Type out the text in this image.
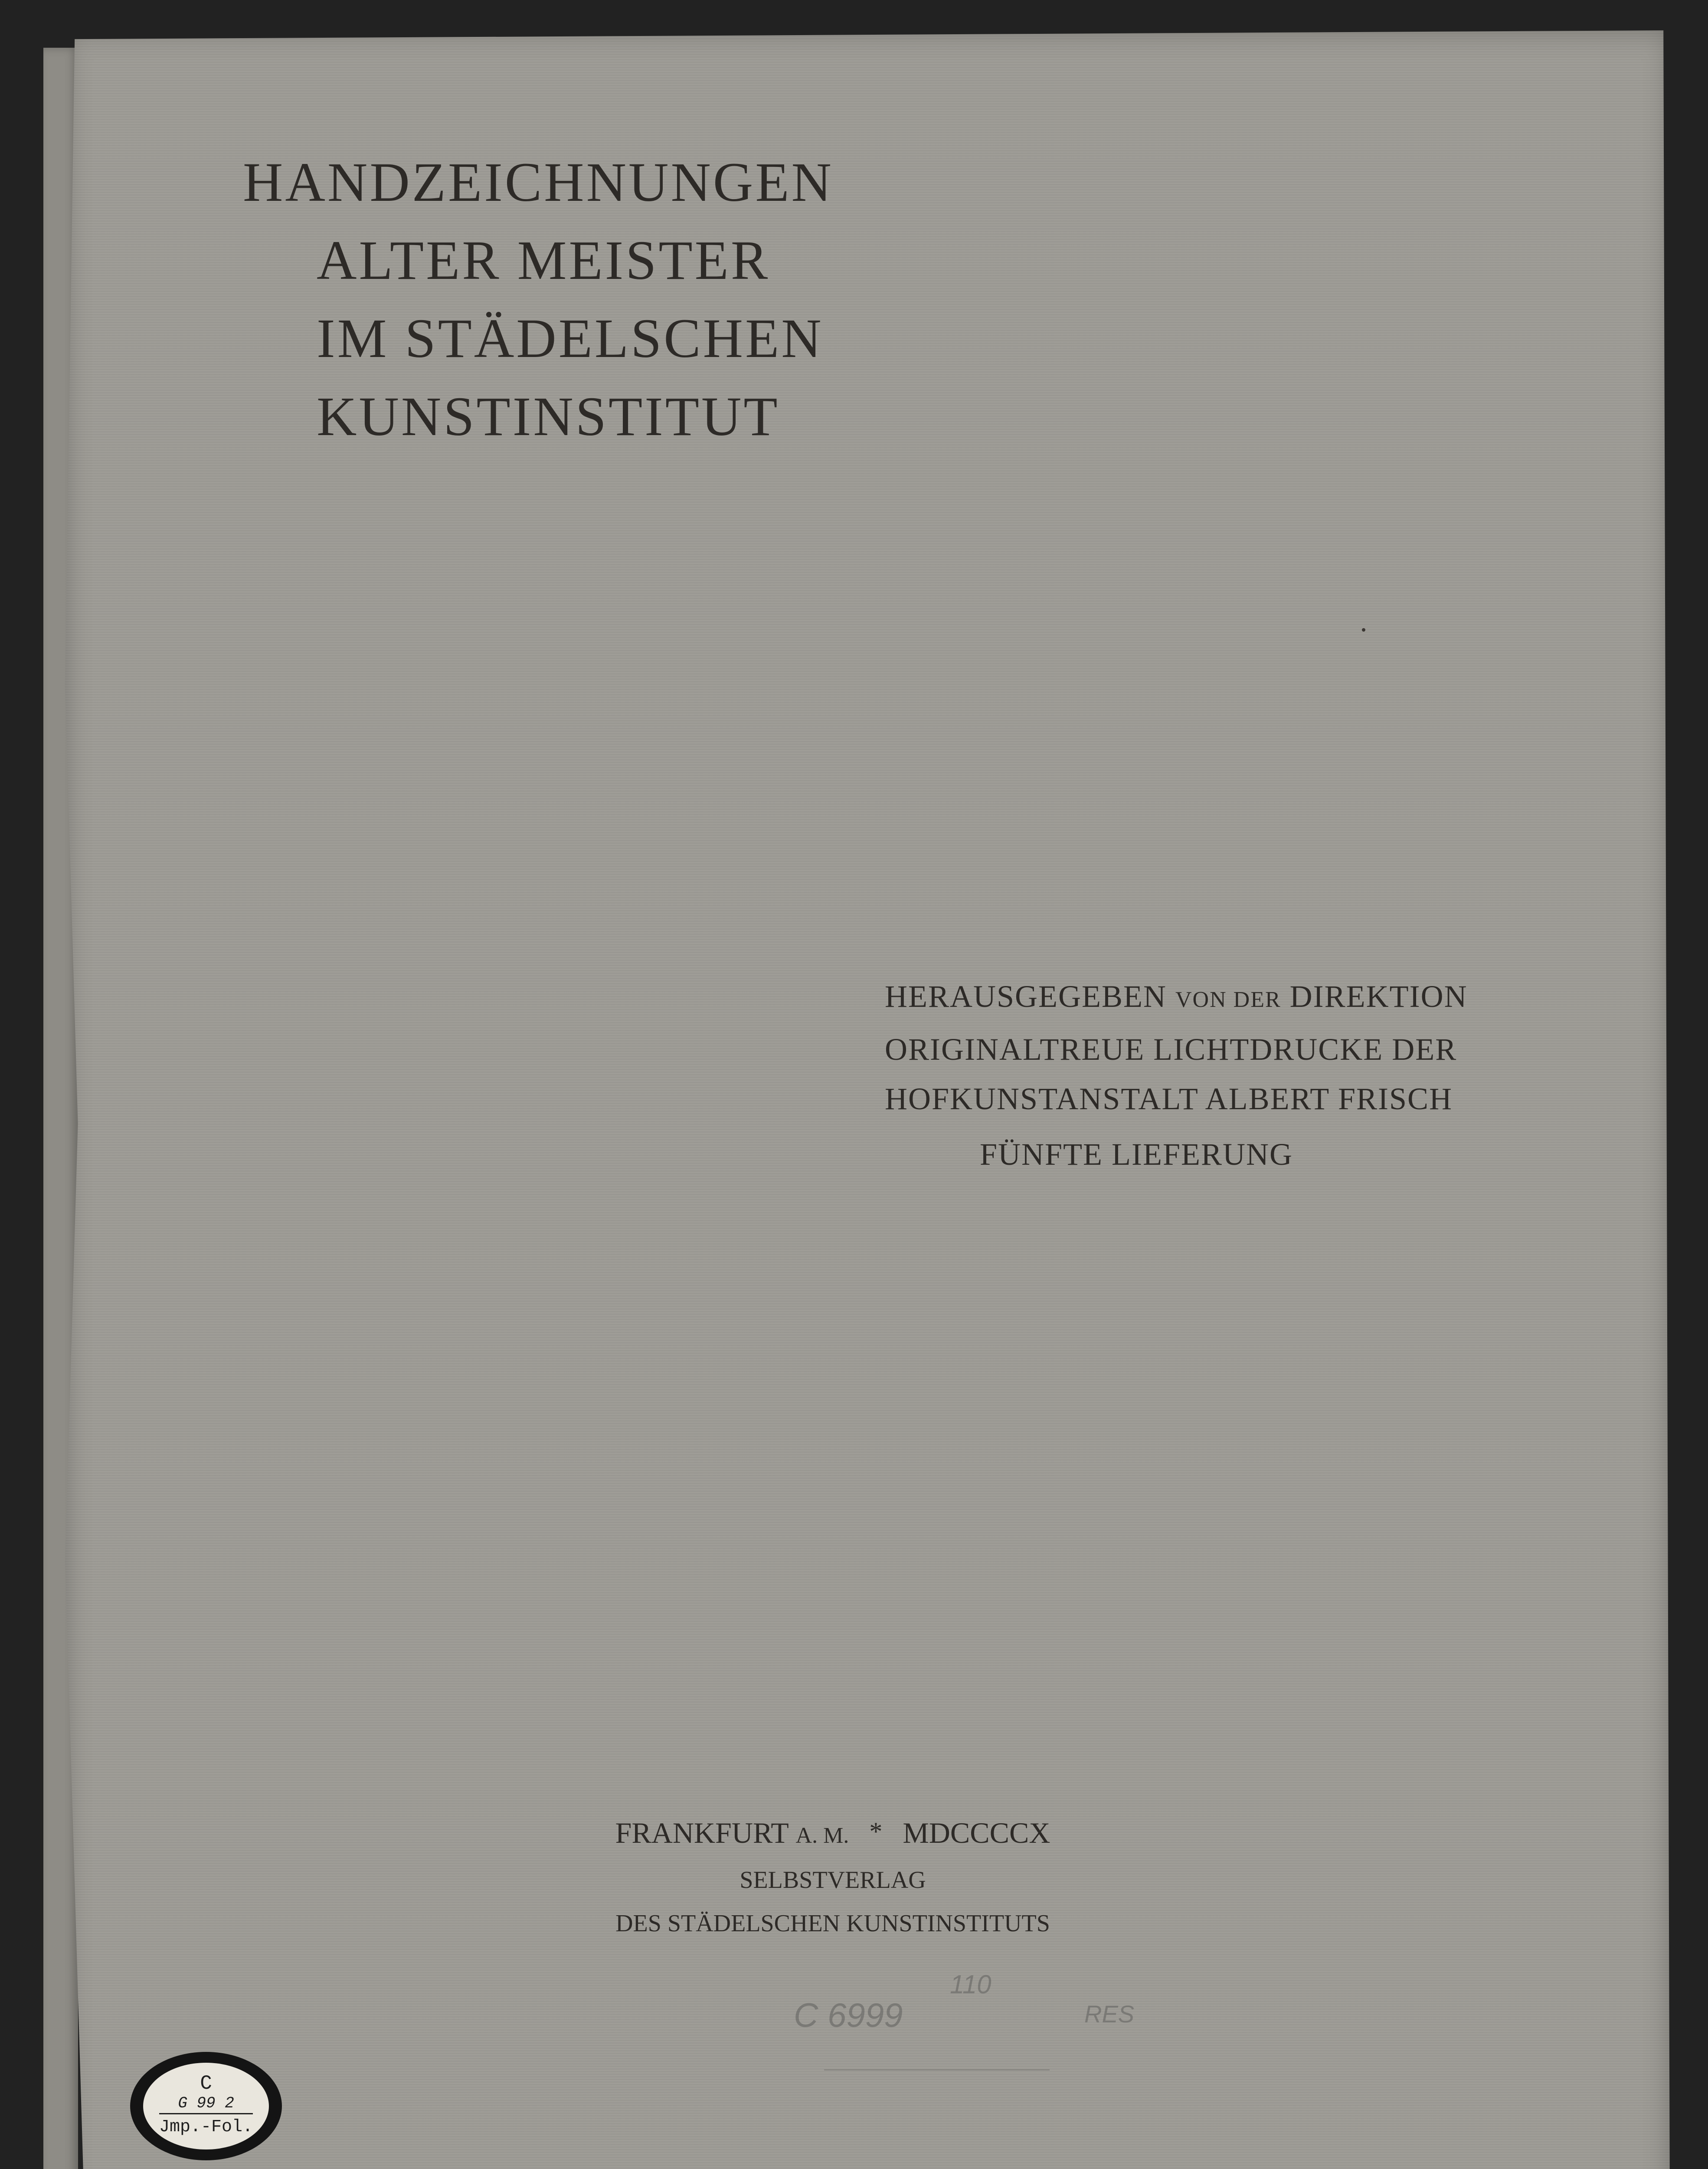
HANDZEICHNUNGEN
ALTER MEISTER
IM STÄDELSCHEN
KUNSTINSTITUT
HERAUSGEGEBEN VON DER DIREKTION
ORIGINALTREUE LICHTDRUCKE DER
HOFKUNSTANSTALT ALBERT FRISCH
FÜNFTE LIEFERUNG
FRANKFURT A. M. * MDCCCCX
SELBSTVERLAG
DES STÄDELSCHEN KUNSTINSTITUTS
C 6999
110
RES
C
G 99 2
Jmp.-Fol.
